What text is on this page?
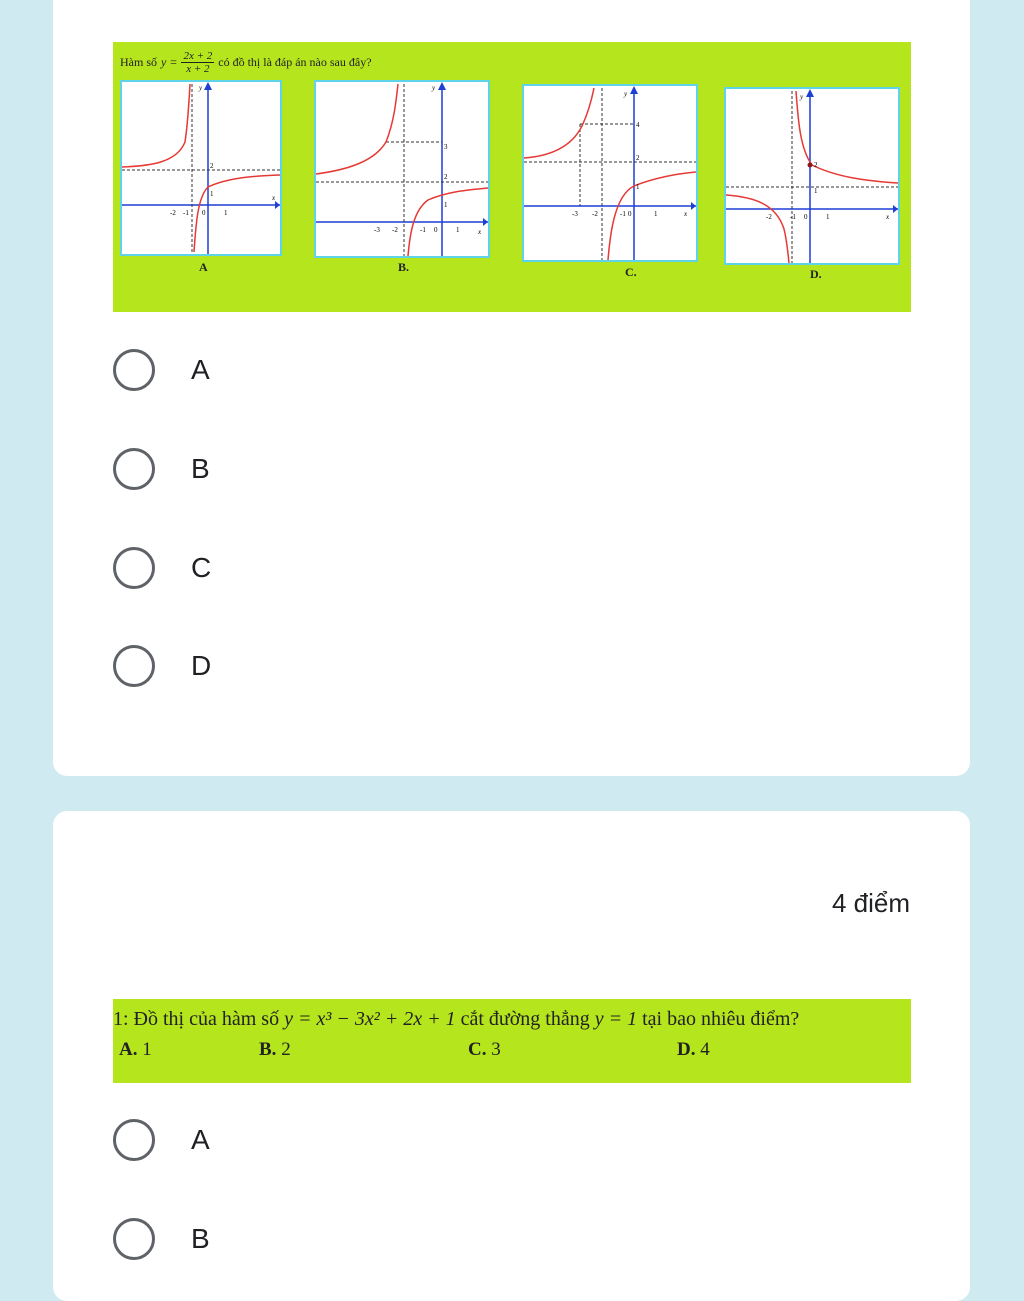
Hàm số $y = \frac{2x + 2}{x + 2}$ có đồ thị là đáp án nào sau đây?
2
1
-2 -1 0	1
x
y
A
3
2
1
-3 -2	-1 0	1	x
y
B.
4
2
1
-3 -2	-1 0	1	x
y
C.
2
1
-2	-1 0	1	x
y
D.
A
B
C
D
4 điểm
1: Đồ thị của hàm số y = x³ − 3x² + 2x + 1 cắt đường thẳng y = 1 tại bao nhiêu điểm?
A. 1	B. 2	C. 3	D. 4
A
B
